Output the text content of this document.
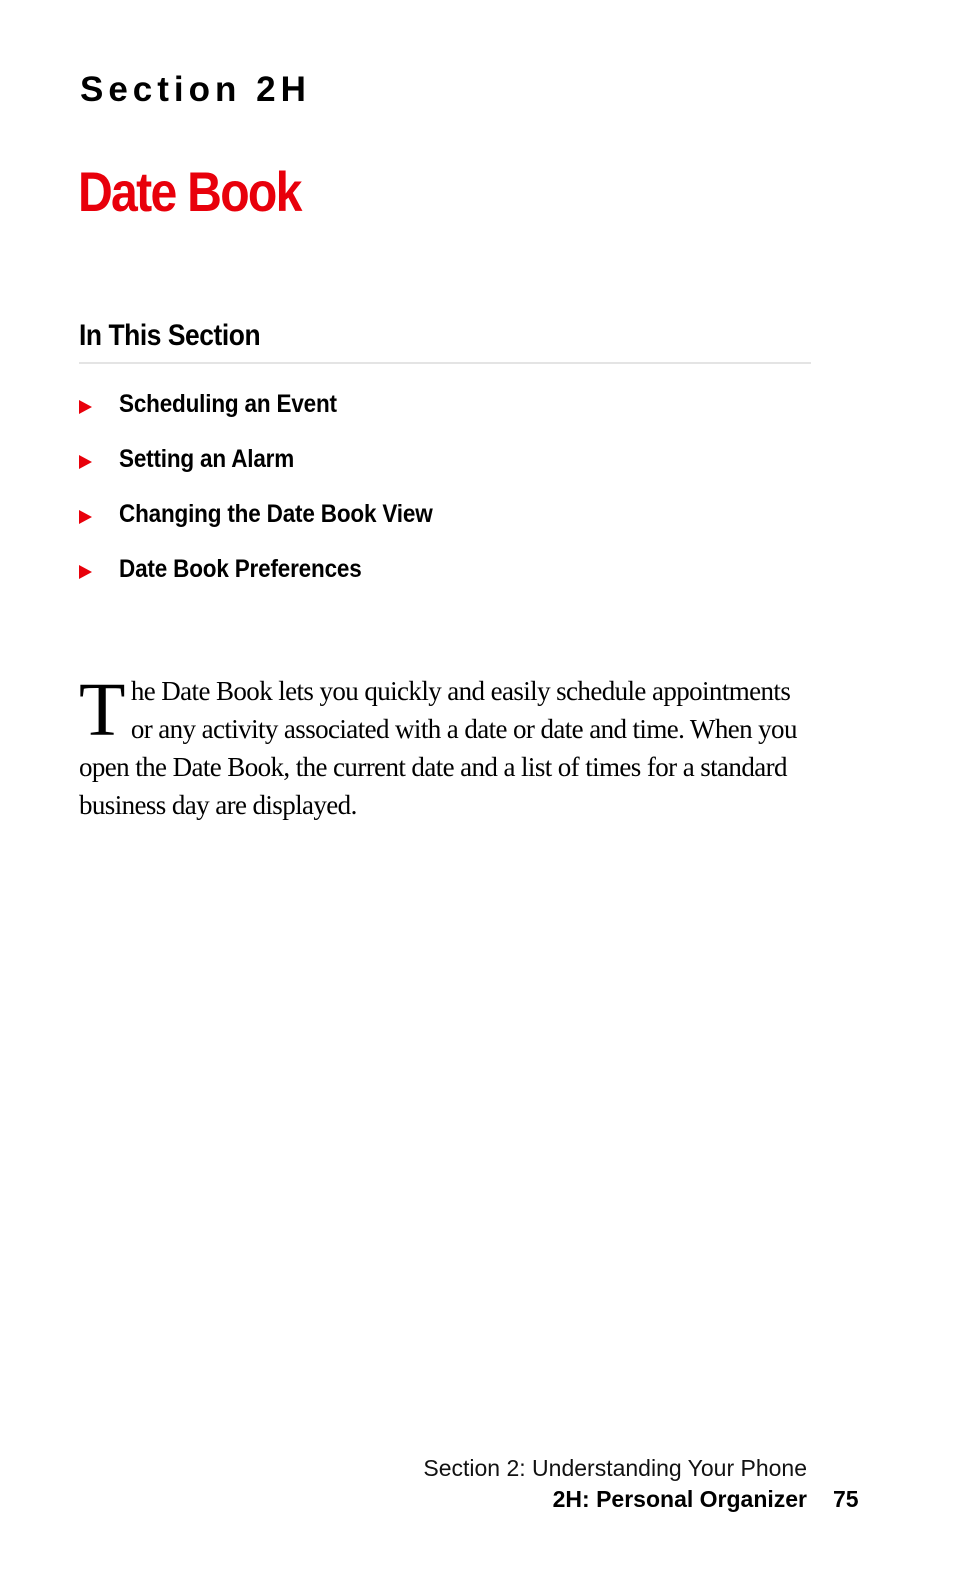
Section 2H
Date Book
In This Section
Scheduling an Event
Setting an Alarm
Changing the Date Book View
Date Book Preferences

The Date Book lets you quickly and easily schedule appointments or any activity associated with a date or date and time. When you open the Date Book, the current date and a list of times for a standard business day are displayed.

Section 2: Understanding Your Phone
2H: Personal Organizer 75
